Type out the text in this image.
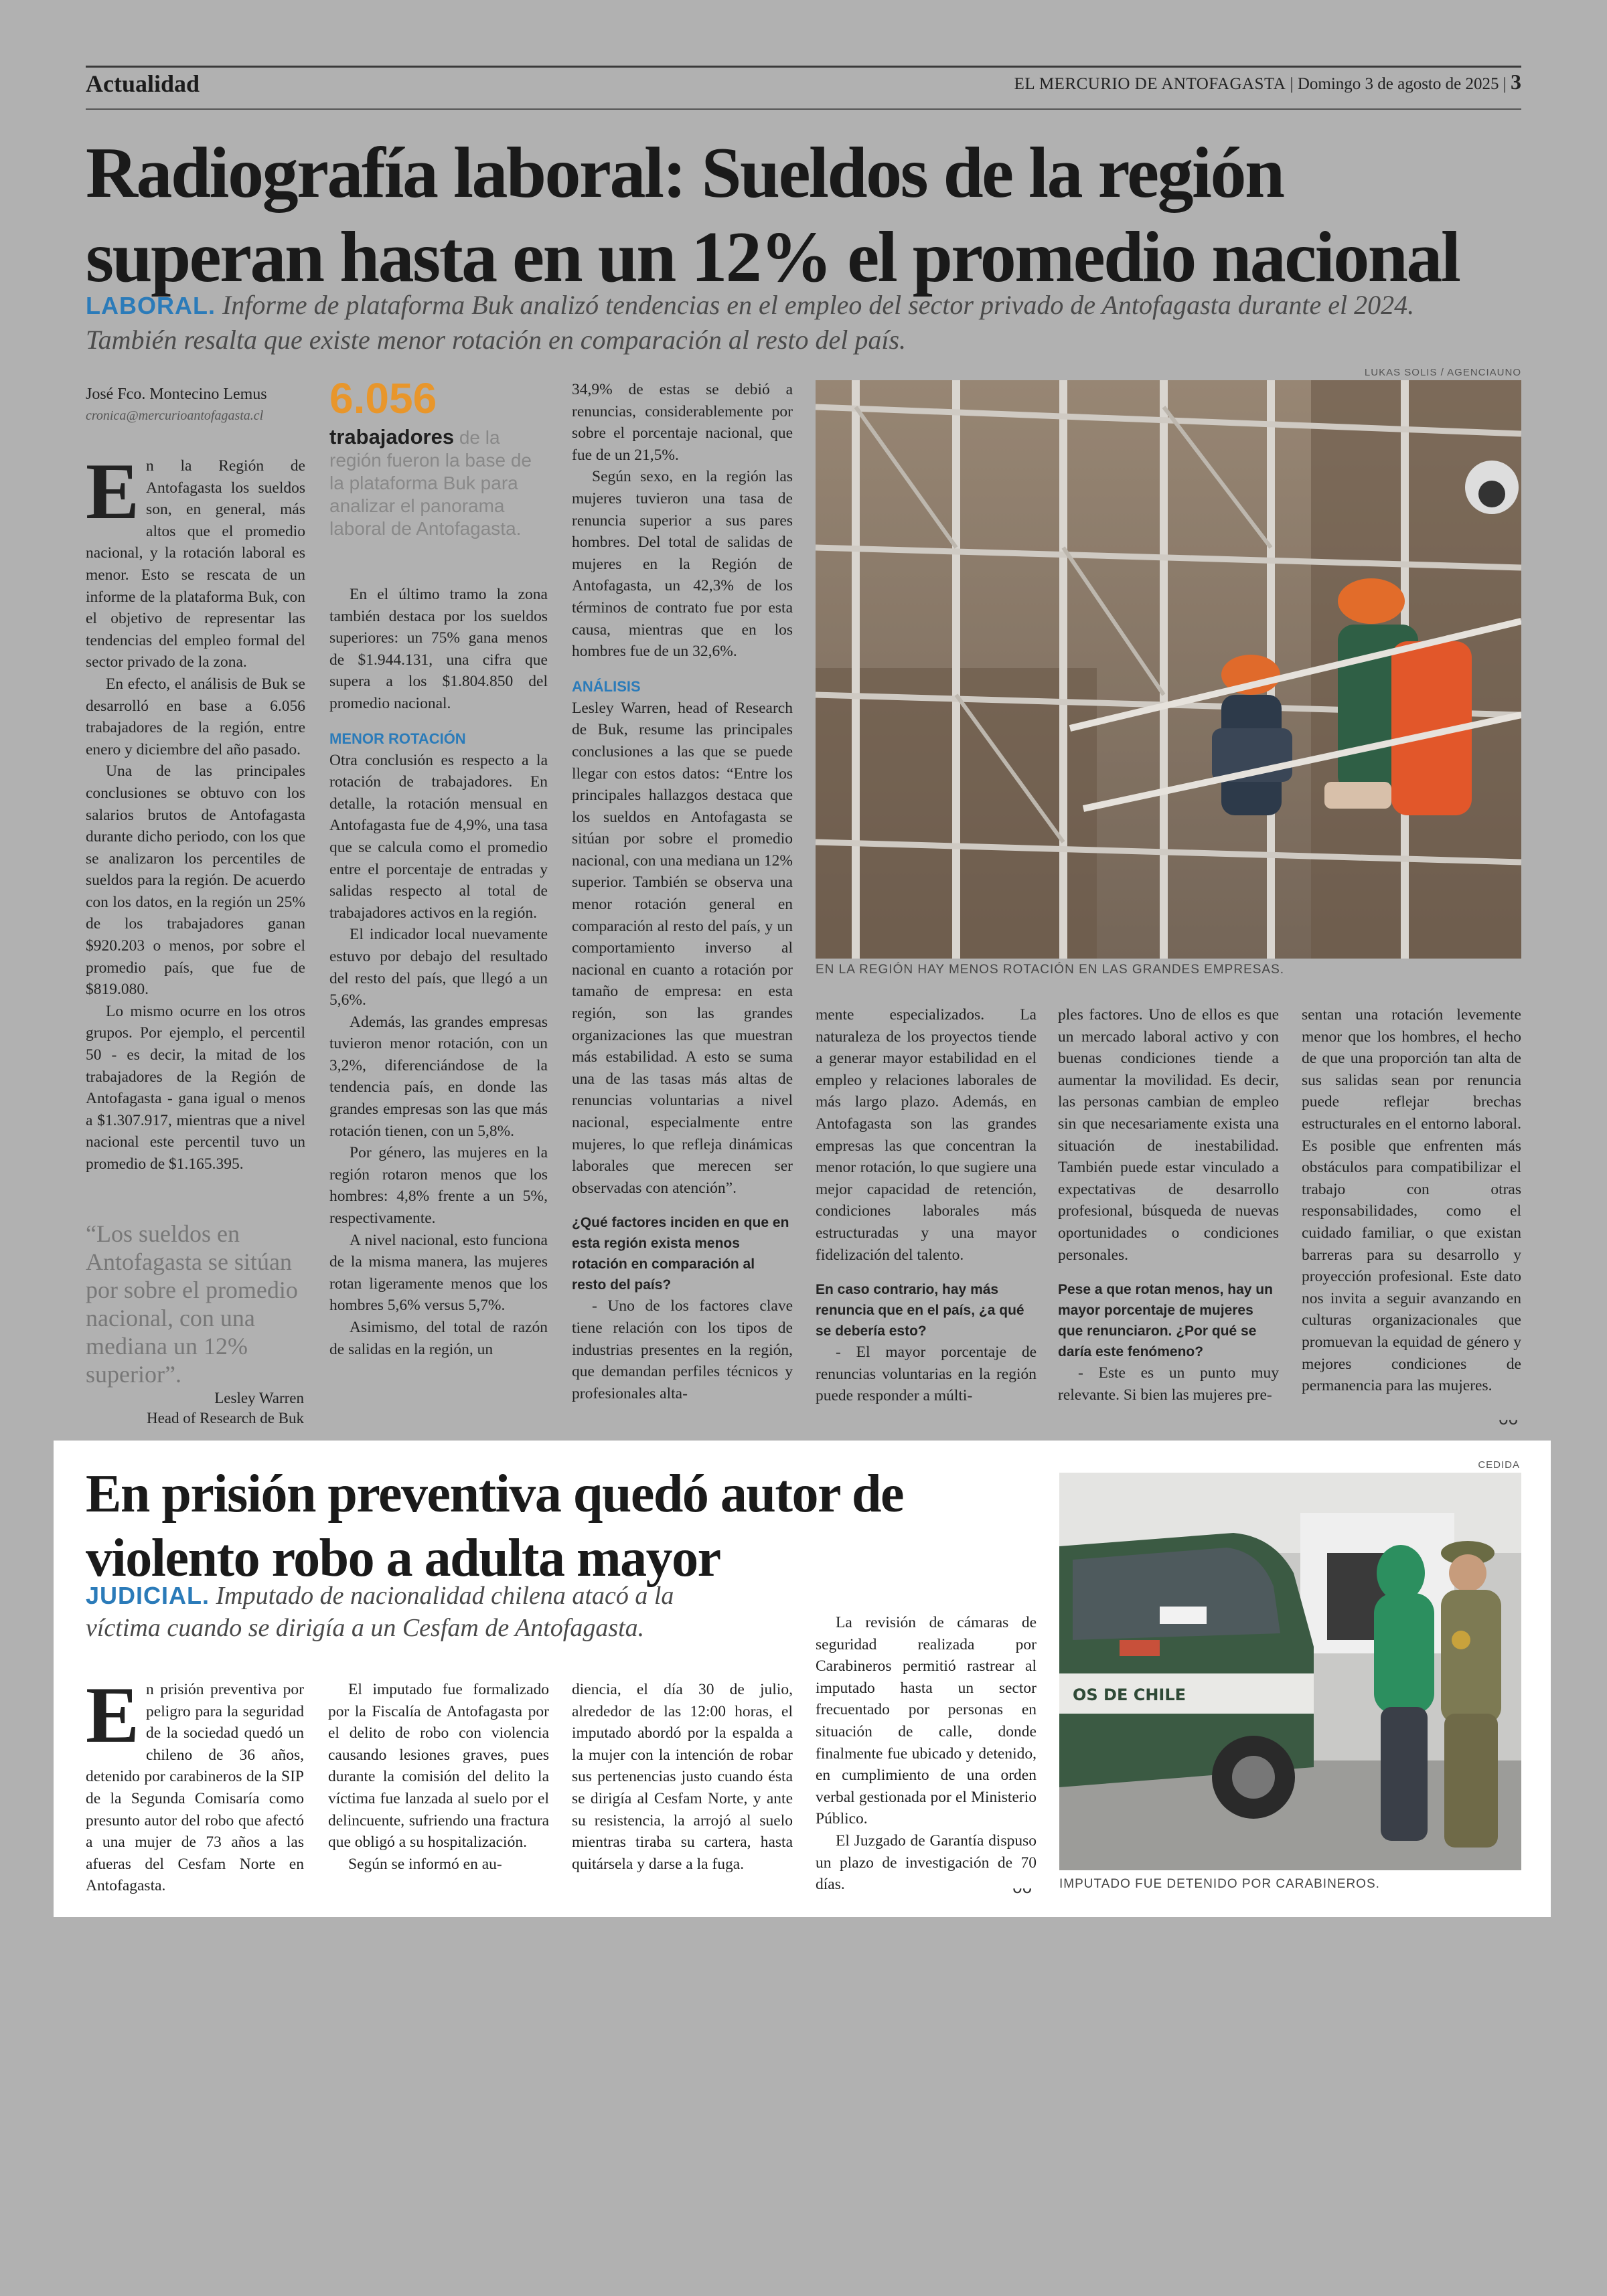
Actualidad	EL MERCURIO DE ANTOFAGASTA | Domingo 3 de agosto de 2025 | 3
Radiografía laboral: Sueldos de la región
superan hasta en un 12% el promedio nacional
LABORAL. Informe de plataforma Buk analizó tendencias en el empleo del sector privado de Antofagasta durante el 2024.
También resalta que existe menor rotación en comparación al resto del país.
José Fco. Montecino Lemus
cronica@mercurioantofagasta.cl 6.056
trabajadores de la región fueron la base de la plataforma Buk para analizar el panorama laboral de Antofagasta.
E n la Región de Antofagasta los sueldos son, en general, más altos que el promedio nacional, y la rotación laboral es menor. Esto se rescata de un informe de la plataforma Buk, con el objetivo de representar las tendencias del empleo formal del sector privado de la zona.

En efecto, el análisis de Buk se desarrolló en base a 6.056 trabajadores de la región, entre enero y diciembre del año pasado.

Una de las principales conclusiones se obtuvo con los salarios brutos de Antofagasta durante dicho periodo, con los que se analizaron los percentiles de sueldos para la región. De acuerdo con los datos, en la región un 25% de los trabajadores ganan $920.203 o menos, por sobre el promedio país, que fue de $819.080.

Lo mismo ocurre en los otros grupos. Por ejemplo, el percentil 50 - es decir, la mitad de los trabajadores de la Región de Antofagasta - gana igual o menos a $1.307.917, mientras que a nivel nacional este percentil tuvo un promedio de $1.165.395.

“Los sueldos en Antofagasta se sitúan por sobre el promedio nacional, con una mediana un 12% superior”.
Lesley Warren
Head of Research de Buk

En el último tramo la zona también destaca por los sueldos superiores: un 75% gana menos de $1.944.131, una cifra que supera a los $1.804.850 del promedio nacional.

MENOR ROTACIÓN

Otra conclusión es respecto a la rotación de trabajadores. En detalle, la rotación mensual en Antofagasta fue de 4,9%, una tasa que se calcula como el promedio entre el porcentaje de entradas y salidas respecto al total de trabajadores activos en la región.

El indicador local nuevamente estuvo por debajo del resultado del resto del país, que llegó a un 5,6%.

Además, las grandes empresas tuvieron menor rotación, con un 3,2%, diferenciándose de la tendencia país, en donde las grandes empresas son las que más rotación tienen, con un 5,8%.

Por género, las mujeres en la región rotaron menos que los hombres: 4,8% frente a un 5%, respectivamente.

A nivel nacional, esto funciona de la misma manera, las mujeres rotan ligeramente menos que los hombres 5,6% versus 5,7%.

Asimismo, del total de razón de salidas en la región, un

34,9% de estas se debió a renuncias, considerablemente por sobre el porcentaje nacional, que fue de un 21,5%.

Según sexo, en la región las mujeres tuvieron una tasa de renuncia superior a sus pares hombres. Del total de salidas de mujeres en la Región de Antofagasta, un 42,3% de los términos de contrato fue por esta causa, mientras que en los hombres fue de un 32,6%.

ANÁLISIS

Lesley Warren, head of Research de Buk, resume las principales conclusiones a las que se puede llegar con estos datos: “Entre los principales hallazgos destaca que los sueldos en Antofagasta se sitúan por sobre el promedio nacional, con una mediana un 12% superior. También se observa una menor rotación general en comparación al resto del país, y un comportamiento inverso al nacional en cuanto a rotación por tamaño de empresa: en esta región, son las grandes organizaciones las que muestran más estabilidad. A esto se suma una de las tasas más altas de renuncias voluntarias a nivel nacional, especialmente entre mujeres, lo que refleja dinámicas laborales que merecen ser observadas con atención”.

¿Qué factores inciden en que en esta región exista menos rotación en comparación al resto del país?

- Uno de los factores clave tiene relación con los tipos de industrias presentes en la región, que demandan perfiles técnicos y profesionales alta-

LUKAS SOLIS / AGENCIAUNO
EN LA REGIÓN HAY MENOS ROTACIÓN EN LAS GRANDES EMPRESAS.

mente especializados. La naturaleza de los proyectos tiende a generar mayor estabilidad en el empleo y relaciones laborales de más largo plazo. Además, en Antofagasta son las grandes empresas las que concentran la menor rotación, lo que sugiere una mejor capacidad de retención, condiciones laborales más estructuradas y una mayor fidelización del talento.

En caso contrario, hay más renuncia que en el país, ¿a qué se debería esto?

- El mayor porcentaje de renuncias voluntarias en la región puede responder a múlti-

ples factores. Uno de ellos es que un mercado laboral activo y con buenas condiciones tiende a aumentar la movilidad. Es decir, las personas cambian de empleo sin que necesariamente exista una situación de inestabilidad. También puede estar vinculado a expectativas de desarrollo profesional, búsqueda de nuevas oportunidades o condiciones personales.

Pese a que rotan menos, hay un mayor porcentaje de mujeres que renunciaron. ¿Por qué se daría este fenómeno?

- Este es un punto muy relevante. Si bien las mujeres pre-

sentan una rotación levemente menor que los hombres, el hecho de que una proporción tan alta de sus salidas sean por renuncia puede reflejar brechas estructurales en el entorno laboral. Es posible que enfrenten más obstáculos para compatibilizar el trabajo con otras responsabilidades, como el cuidado familiar, o que existan barreras para su desarrollo y proyección profesional. Este dato nos invita a seguir avanzando en culturas organizacionales que promuevan la equidad de género y mejores condiciones de permanencia para las mujeres.

ᴗᴗ
En prisión preventiva quedó autor de
violento robo a adulta mayor
JUDICIAL. Imputado de nacionalidad chilena atacó a la
víctima cuando se dirigía a un Cesfam de Antofagasta.
E n prisión preventiva por peligro para la seguridad de la sociedad quedó un chileno de 36 años, detenido por carabineros de la SIP de la Segunda Comisaría como presunto autor del robo que afectó a una mujer de 73 años a las afueras del Cesfam Norte en Antofagasta.

El imputado fue formalizado por la Fiscalía de Antofagasta por el delito de robo con violencia causando lesiones graves, pues durante la comisión del delito la víctima fue lanzada al suelo por el delincuente, sufriendo una fractura que obligó a su hospitalización.

Según se informó en au-

diencia, el día 30 de julio, alrededor de las 12:00 horas, el imputado abordó por la espalda a la mujer con la intención de robar sus pertenencias justo cuando ésta se dirigía al Cesfam Norte, y ante su resistencia, la arrojó al suelo mientras tiraba su cartera, hasta quitársela y darse a la fuga.

La revisión de cámaras de seguridad realizada por Carabineros permitió rastrear al imputado hasta un sector frecuentado por personas en situación de calle, donde finalmente fue ubicado y detenido, en cumplimiento de una orden verbal gestionada por el Ministerio Público.

El Juzgado de Garantía dispuso un plazo de investigación de 70 días.	ᴗᴗ
CEDIDA
OS DE CHILE
IMPUTADO FUE DETENIDO POR CARABINEROS.
